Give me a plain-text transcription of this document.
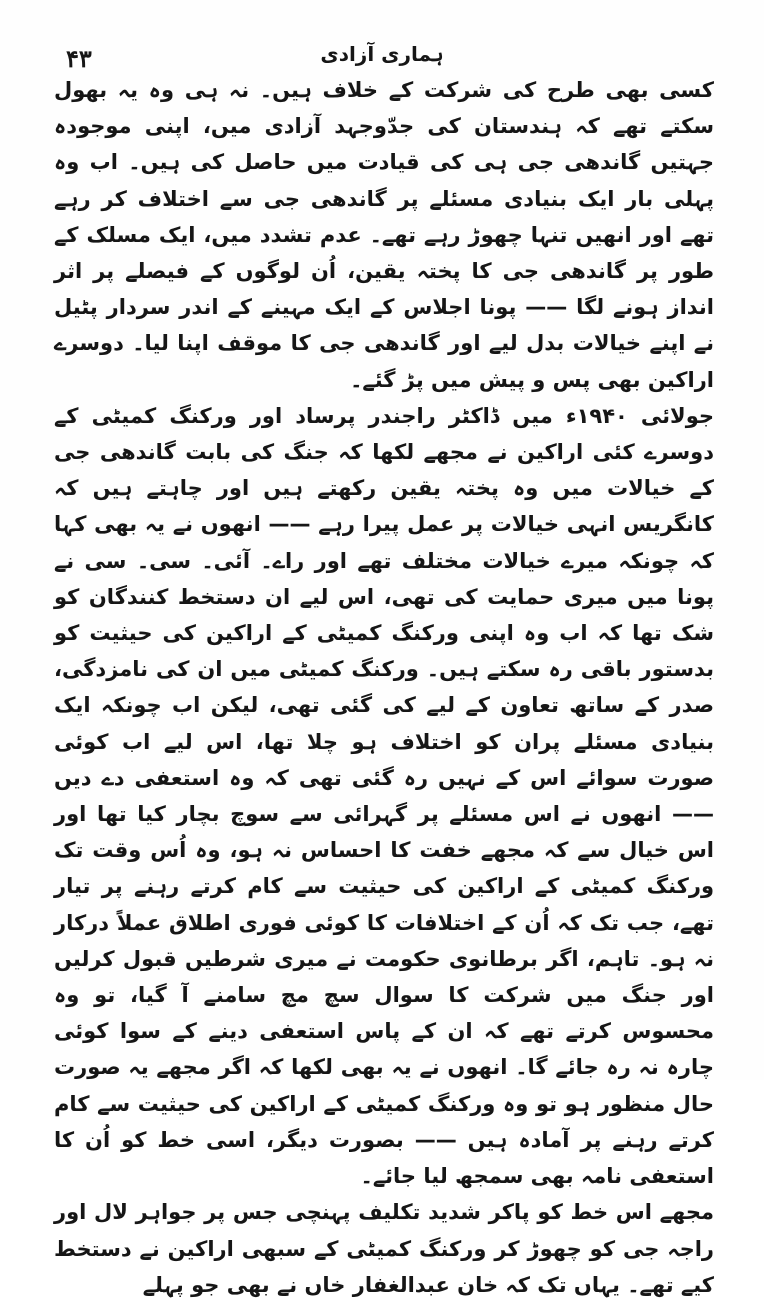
۴۳	ہماری آزادی

کسی بھی طرح کی شرکت کے خلاف ہیں۔ نہ ہی وہ یہ بھول سکتے تھے کہ ہندستان کی جدّوجہد آزادی میں، اپنی موجودہ جہتیں گاندھی جی ہی کی قیادت میں حاصل کی ہیں۔ اب وہ پہلی بار ایک بنیادی مسئلے پر گاندھی جی سے اختلاف کر رہے تھے اور انھیں تنہا چھوڑ رہے تھے۔ عدم تشدد میں، ایک مسلک کے طور پر گاندھی جی کا پختہ یقین، اُن لوگوں کے فیصلے پر اثر انداز ہونے لگا —— پونا اجلاس کے ایک مہینے کے اندر سردار پٹیل نے اپنے خیالات بدل لیے اور گاندھی جی کا موقف اپنا لیا۔ دوسرے اراکین بھی پس و پیش میں پڑ گئے۔

جولائی ۱۹۴۰ء میں ڈاکٹر راجندر پرساد اور ورکنگ کمیٹی کے دوسرے کئی اراکین نے مجھے لکھا کہ جنگ کی بابت گاندھی جی کے خیالات میں وہ پختہ یقین رکھتے ہیں اور چاہتے ہیں کہ کانگریس انہی خیالات پر عمل پیرا رہے —— انھوں نے یہ بھی کہا کہ چونکہ میرے خیالات مختلف تھے اور راے۔ آئی۔ سی۔ سی نے پونا میں میری حمایت کی تھی، اس لیے ان دستخط کنندگان کو شک تھا کہ اب وہ اپنی ورکنگ کمیٹی کے اراکین کی حیثیت کو بدستور باقی رہ سکتے ہیں۔ ورکنگ کمیٹی میں ان کی نامزدگی، صدر کے ساتھ تعاون کے لیے کی گئی تھی، لیکن اب چونکہ ایک بنیادی مسئلے پران کو اختلاف ہو چلا تھا، اس لیے اب کوئی صورت سوائے اس کے نہیں رہ گئی تھی کہ وہ استعفی دے دیں —— انھوں نے اس مسئلے پر گہرائی سے سوچ بچار کیا تھا اور اس خیال سے کہ مجھے خفت کا احساس نہ ہو، وہ اُس وقت تک ورکنگ کمیٹی کے اراکین کی حیثیت سے کام کرتے رہنے پر تیار تھے، جب تک کہ اُن کے اختلافات کا کوئی فوری اطلاق عملاً درکار نہ ہو۔ تاہم، اگر برطانوی حکومت نے میری شرطیں قبول کرلیں اور جنگ میں شرکت کا سوال سچ مچ سامنے آ گیا، تو وہ محسوس کرتے تھے کہ ان کے پاس استعفی دینے کے سوا کوئی چارہ نہ رہ جائے گا۔ انھوں نے یہ بھی لکھا کہ اگر مجھے یہ صورت حال منظور ہو تو وہ ورکنگ کمیٹی کے اراکین کی حیثیت سے کام کرتے رہنے پر آمادہ ہیں —— بصورت دیگر، اسی خط کو اُن کا استعفی نامہ بھی سمجھ لیا جائے۔

مجھے اس خط کو پاکر شدید تکلیف پہنچی جس پر جواہر لال اور راجہ جی کو چھوڑ کر ورکنگ کمیٹی کے سبھی اراکین نے دستخط کیے تھے۔ یہاں تک کہ خان عبدالغفار خاں نے بھی جو پہلے
